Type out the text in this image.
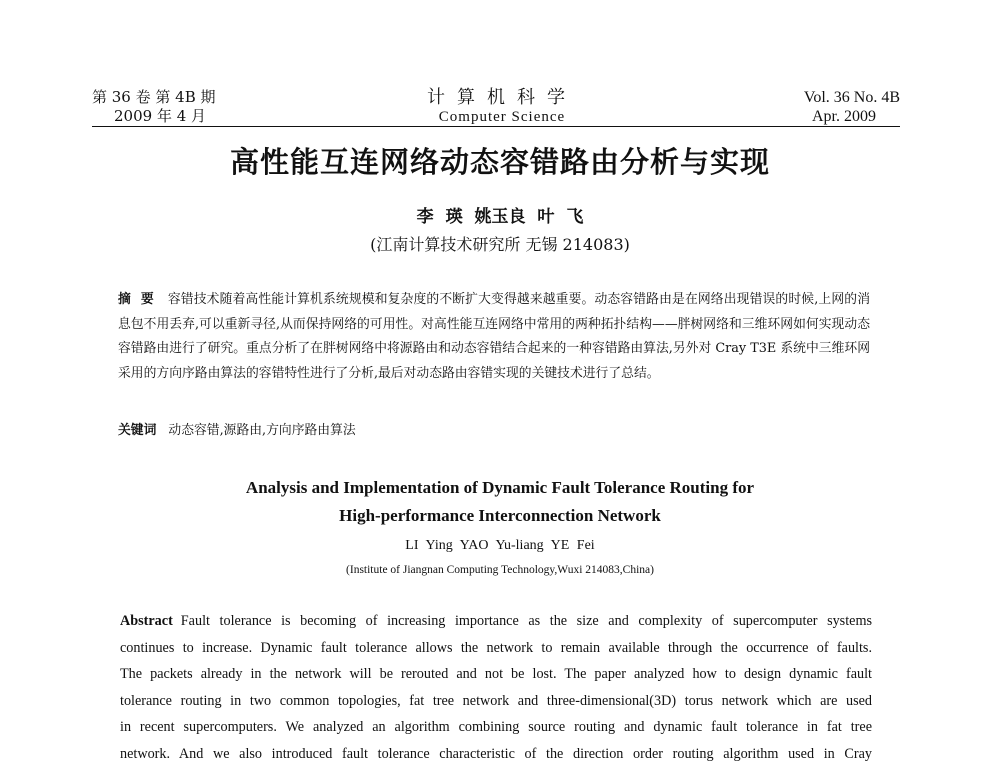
第 36 卷 第 4B 期
2009 年 4 月
计算机科学
Computer Science
Vol. 36 No. 4B
Apr. 2009
高性能互连网络动态容错路由分析与实现
李 瑛 姚玉良 叶 飞
(江南计算技术研究所 无锡 214083)
摘要 容错技术随着高性能计算机系统规模和复杂度的不断扩大变得越来越重要。动态容错路由是在网络出现错误的时候,上网的消息包不用丢弃,可以重新寻径,从而保持网络的可用性。对高性能互连网络中常用的两种拓扑结构——胖树网络和三维环网如何实现动态容错路由进行了研究。重点分析了在胖树网络中将源路由和动态容错结合起来的一种容错路由算法,另外对 Cray T3E 系统中三维环网采用的方向序路由算法的容错特性进行了分析,最后对动态路由容错实现的关键技术进行了总结。
关键词 动态容错,源路由,方向序路由算法
Analysis and Implementation of Dynamic Fault Tolerance Routing for
High-performance Interconnection Network
LI Ying YAO Yu-liang YE Fei
(Institute of Jiangnan Computing Technology,Wuxi 214083,China)
Abstract Fault tolerance is becoming of increasing importance as the size and complexity of supercomputer systems
continues to increase. Dynamic fault tolerance allows the network to remain available through the occurrence of faults.
The packets already in the network will be rerouted and not be lost. The paper analyzed how to design dynamic fault
tolerance routing in two common topologies, fat tree network and three-dimensional(3D) torus network which are used
in recent supercomputers. We analyzed an algorithm combining source routing and dynamic fault tolerance in fat tree
network. And we also introduced fault tolerance characteristic of the direction order routing algorithm used in Cray
